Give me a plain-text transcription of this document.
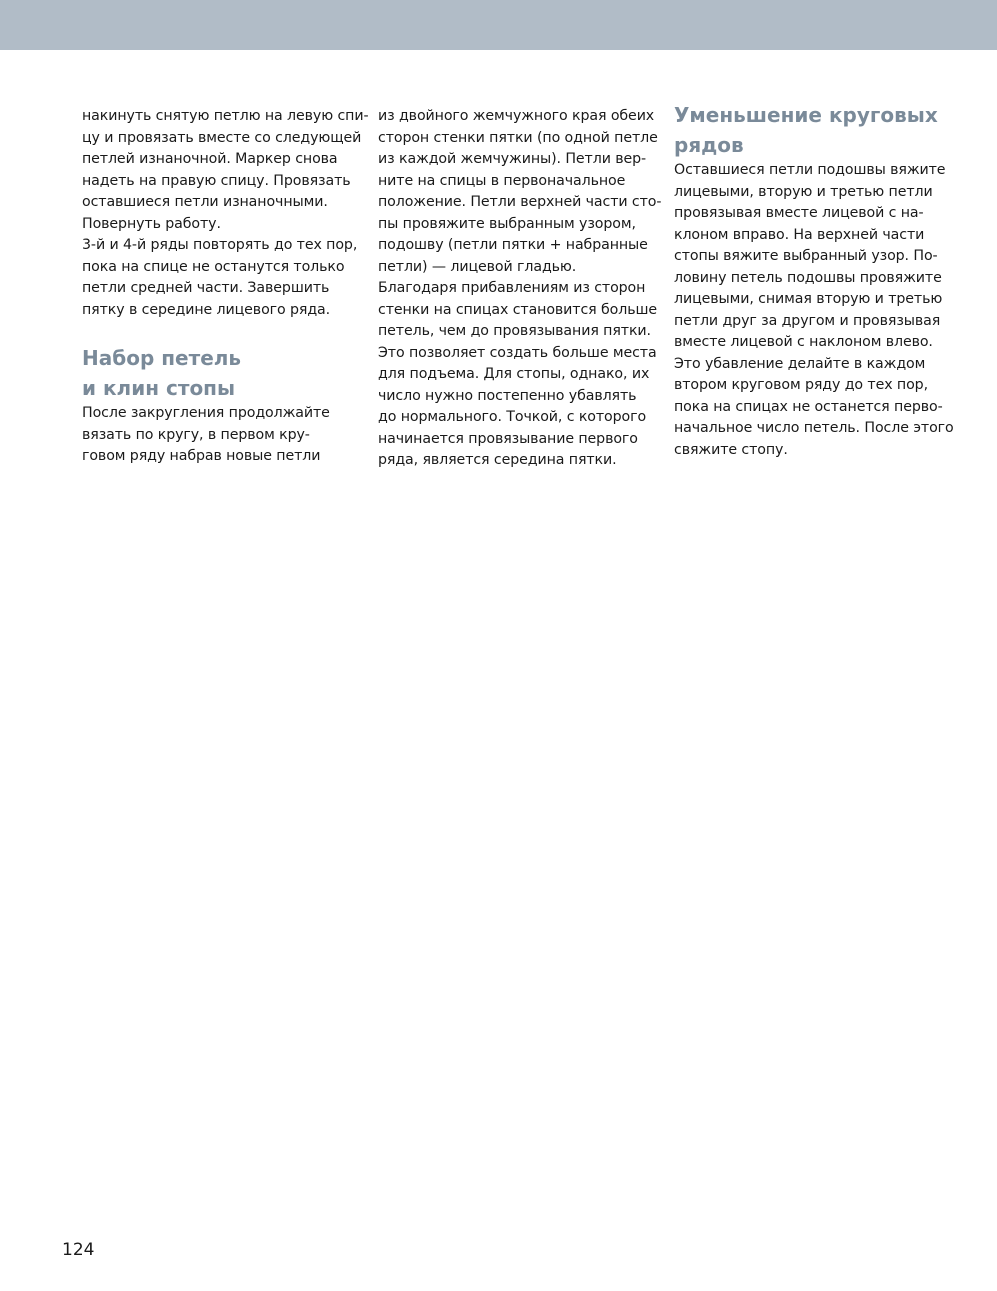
накинуть снятую петлю на левую спи-
цу и провязать вместе со следующей
петлей изнаночной. Маркер снова
надеть на правую спицу. Провязать
оставшиеся петли изнаночными.
Повернуть работу.
3-й и 4-й ряды повторять до тех пор,
пока на спице не останутся только
петли средней части. Завершить
пятку в середине лицевого ряда.
Набор петель
и клин стопы
После закругления продолжайте
вязать по кругу, в первом кру-
говом ряду набрав новые петли
из двойного жемчужного края обеих
сторон стенки пятки (по одной петле
из каждой жемчужины). Петли вер-
ните на спицы в первоначальное
положение. Петли верхней части сто-
пы провяжите выбранным узором,
подошву (петли пятки + набранные
петли) — лицевой гладью.
Благодаря прибавлениям из сторон
стенки на спицах становится больше
петель, чем до провязывания пятки.
Это позволяет создать больше места
для подъема. Для стопы, однако, их
число нужно постепенно убавлять
до нормального. Точкой, с которого
начинается провязывание первого
ряда, является середина пятки.
Уменьшение круговых
рядов
Оставшиеся петли подошвы вяжите
лицевыми, вторую и третью петли
провязывая вместе лицевой с на-
клоном вправо. На верхней части
стопы вяжите выбранный узор. По-
ловину петель подошвы провяжите
лицевыми, снимая вторую и третью
петли друг за другом и провязывая
вместе лицевой с наклоном влево.
Это убавление делайте в каждом
втором круговом ряду до тех пор,
пока на спицах не останется перво-
начальное число петель. После этого
свяжите стопу.
124
